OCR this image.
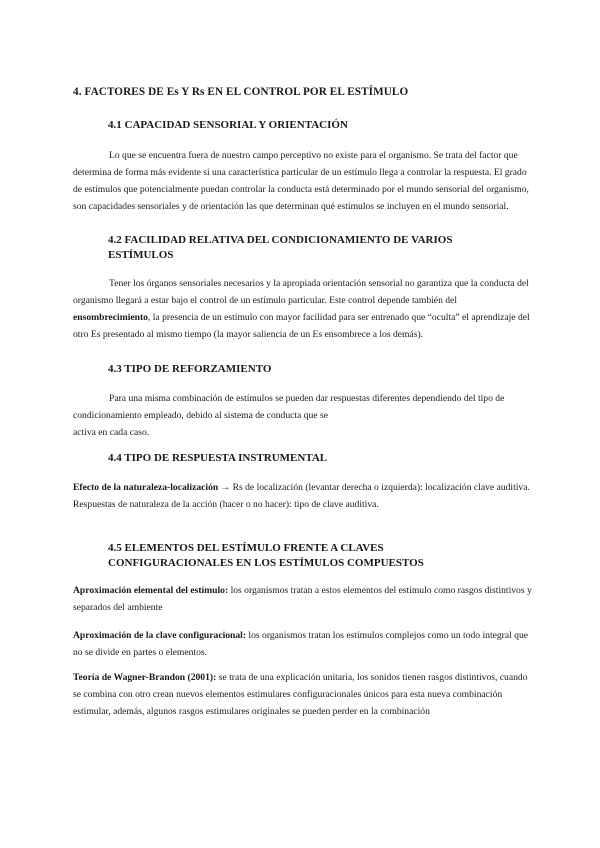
4. FACTORES DE Es Y Rs EN EL CONTROL POR EL ESTÍMULO
4.1 CAPACIDAD SENSORIAL Y ORIENTACIÓN

Lo que se encuentra fuera de nuestro campo perceptivo no existe para el organismo. Se trata del factor que determina de forma más evidente si una característica particular de un estímulo llega a controlar la respuesta. El grado de estímulos que potencialmente puedan controlar la conducta está determinado por el mundo sensorial del organismo, son capacidades sensoriales y de orientación las que determinan qué estímulos se incluyen en el mundo sensorial.

4.2 FACILIDAD RELATIVA DEL CONDICIONAMIENTO DE VARIOS
ESTÍMULOS

Tener los órganos sensoriales necesarios y la apropiada orientación sensorial no garantiza que la conducta del organismo llegará a estar bajo el control de un estímulo particular. Este control depende también del ensombrecimiento, la presencia de un estímulo con mayor facilidad para ser entrenado que “oculta” el aprendizaje del otro Es presentado al mismo tiempo (la mayor saliencia de un Es ensombrece a los demás).

4.3 TIPO DE REFORZAMIENTO

Para una misma combinación de estímulos se pueden dar respuestas diferentes dependiendo del tipo de condicionamiento empleado, debido al sistema de conducta que se
activa en cada caso.

4.4 TIPO DE RESPUESTA INSTRUMENTAL

Efecto de la naturaleza-localización → Rs de localización (levantar derecha o izquierda): localización clave auditiva. Respuestas de naturaleza de la acción (hacer o no hacer): tipo de clave auditiva.

4.5 ELEMENTOS DEL ESTÍMULO FRENTE A CLAVES
CONFIGURACIONALES EN LOS ESTÍMULOS COMPUESTOS

Aproximación elemental del estímulo: los organismos tratan a estos elementos del estímulo como rasgos distintivos y separados del ambiente

Aproximación de la clave configuracional: los organismos tratan los estímulos complejos como un todo integral que no se divide en partes o elementos.

Teoría de Wagner-Brandon (2001): se trata de una explicación unitaria, los sonidos tienen rasgos distintivos, cuando se combina con otro crean nuevos elementos estimulares configuracionales únicos para esta nueva combinación estimular, además, algunos rasgos estimulares originales se pueden perder en la combinación
